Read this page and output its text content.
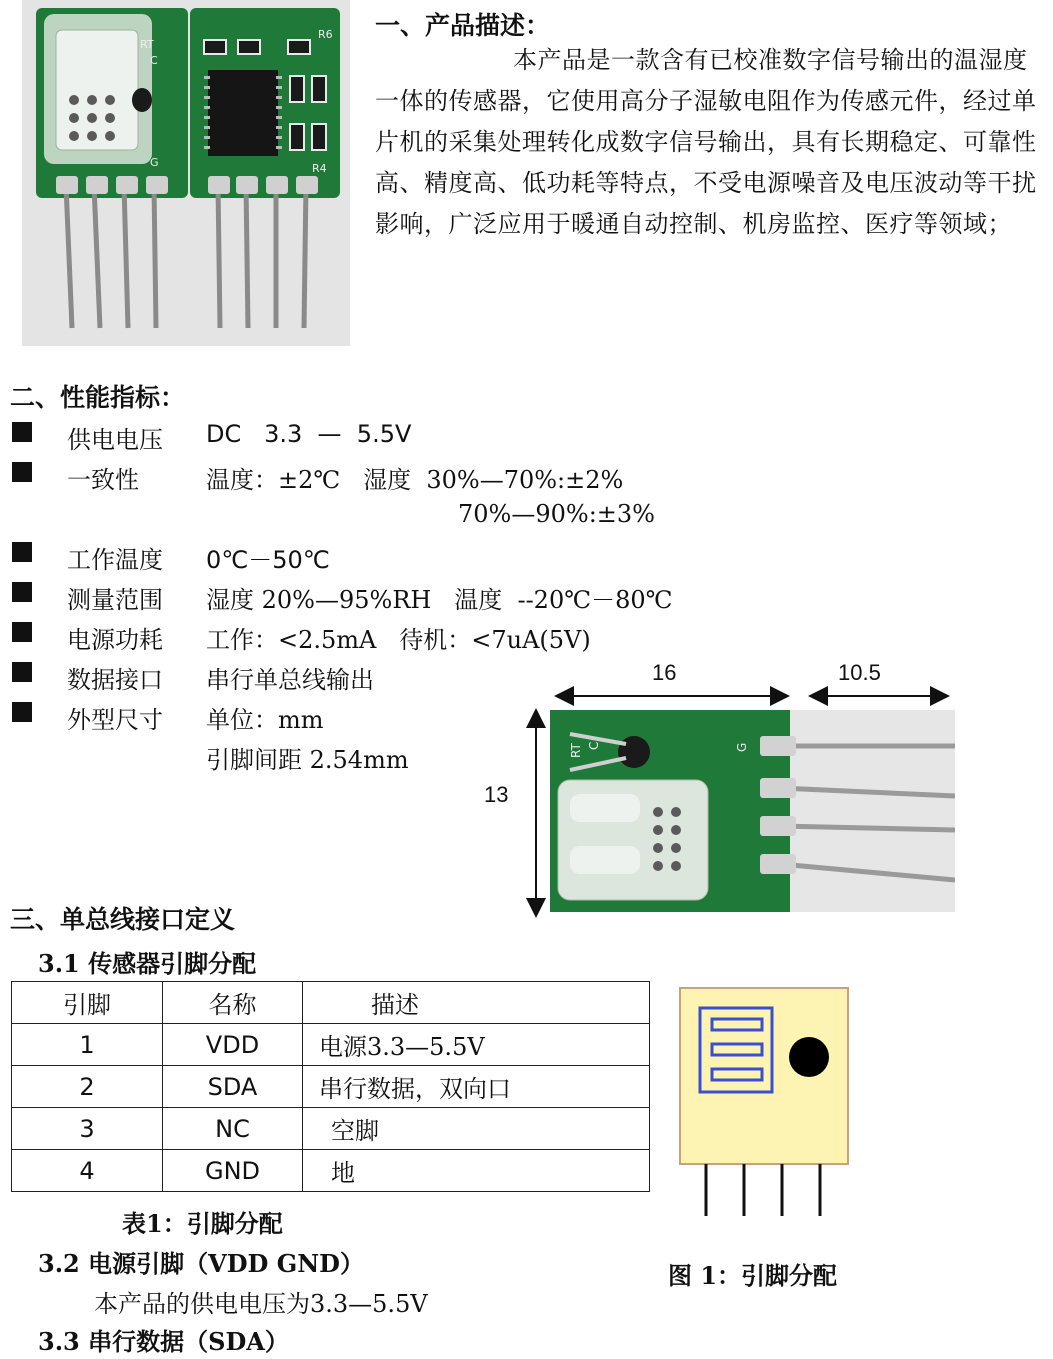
RT
C
G
R6
R4
一、产品描述：
本产品是一款含有已校准数字信号输出的温湿度一体的传感器，它使用高分子湿敏电阻作为传感元件，经过单片机的采集处理转化成数字信号输出，具有长期稳定、可靠性高、精度高、低功耗等特点，不受电源噪音及电压波动等干扰影响，广泛应用于暖通自动控制、机房监控、医疗等领域；
二、性能指标：
供电电压 DC   3.3  —  5.5V
一致性	温度：±2℃   湿度  30%—70%:±2%
70%—90%:±3%
工作温度 0℃－50℃
测量范围 湿度 20%—95%RH   温度  --20℃－80℃
电源功耗 工作：<2.5mA   待机：<7uA(5V)
数据接口 串行单总线输出
外型尺寸 单位：mm
引脚间距 2.54mm
16	10.5
13
RT C	G
三、单总线接口定义
3.1 传感器引脚分配
引脚	名称	描述
1	VDD	电源3.3—5.5V
2	SDA	串行数据，双向口
3	NC	空脚
4	GND	地
表1：引脚分配
3.2 电源引脚（VDD GND）
本产品的供电电压为3.3—5.5V
3.3 串行数据（SDA）
图 1：引脚分配
